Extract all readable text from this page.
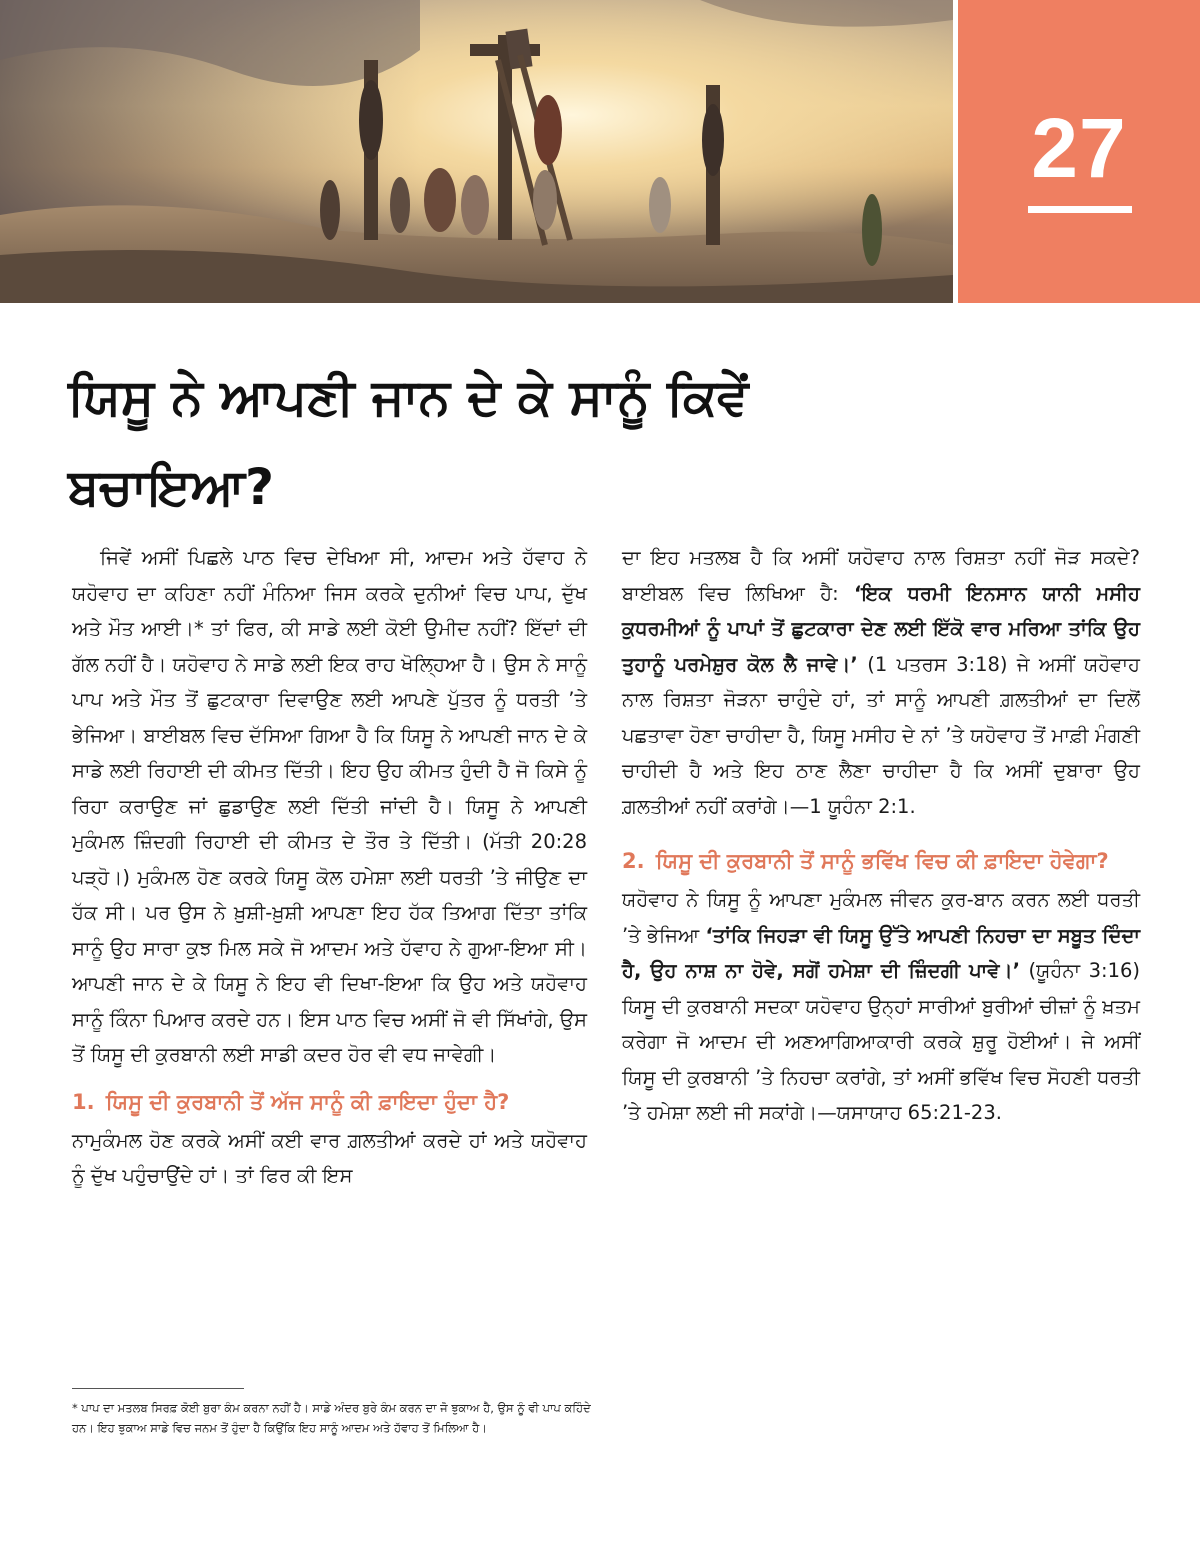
27
ਯਿਸੂ ਨੇ ਆਪਣੀ ਜਾਨ ਦੇ ਕੇ ਸਾਨੂੰ ਕਿਵੇਂ ਬਚਾਇਆ?

ਜਿਵੇਂ ਅਸੀਂ ਪਿਛਲੇ ਪਾਠ ਵਿਚ ਦੇਖਿਆ ਸੀ, ਆਦਮ ਅਤੇ ਹੱਵਾਹ ਨੇ ਯਹੋਵਾਹ ਦਾ ਕਹਿਣਾ ਨਹੀਂ ਮੰਨਿਆ ਜਿਸ ਕਰਕੇ ਦੁਨੀਆਂ ਵਿਚ ਪਾਪ, ਦੁੱਖ ਅਤੇ ਮੌਤ ਆਈ।* ਤਾਂ ਫਿਰ, ਕੀ ਸਾਡੇ ਲਈ ਕੋਈ ਉਮੀਦ ਨਹੀਂ? ਇੱਦਾਂ ਦੀ ਗੱਲ ਨਹੀਂ ਹੈ। ਯਹੋਵਾਹ ਨੇ ਸਾਡੇ ਲਈ ਇਕ ਰਾਹ ਖੋਲ੍ਹਿਆ ਹੈ। ਉਸ ਨੇ ਸਾਨੂੰ ਪਾਪ ਅਤੇ ਮੌਤ ਤੋਂ ਛੁਟਕਾਰਾ ਦਿਵਾਉਣ ਲਈ ਆਪਣੇ ਪੁੱਤਰ ਨੂੰ ਧਰਤੀ ’ਤੇ ਭੇਜਿਆ। ਬਾਈਬਲ ਵਿਚ ਦੱਸਿਆ ਗਿਆ ਹੈ ਕਿ ਯਿਸੂ ਨੇ ਆਪਣੀ ਜਾਨ ਦੇ ਕੇ ਸਾਡੇ ਲਈ ਰਿਹਾਈ ਦੀ ਕੀਮਤ ਦਿੱਤੀ। ਇਹ ਉਹ ਕੀਮਤ ਹੁੰਦੀ ਹੈ ਜੋ ਕਿਸੇ ਨੂੰ ਰਿਹਾ ਕਰਾਉਣ ਜਾਂ ਛੁਡਾਉਣ ਲਈ ਦਿੱਤੀ ਜਾਂਦੀ ਹੈ। ਯਿਸੂ ਨੇ ਆਪਣੀ ਮੁਕੰਮਲ ਜ਼ਿੰਦਗੀ ਰਿਹਾਈ ਦੀ ਕੀਮਤ ਦੇ ਤੌਰ ਤੇ ਦਿੱਤੀ। (ਮੱਤੀ 20:28 ਪੜ੍ਹੋ।) ਮੁਕੰਮਲ ਹੋਣ ਕਰਕੇ ਯਿਸੂ ਕੋਲ ਹਮੇਸ਼ਾ ਲਈ ਧਰਤੀ ’ਤੇ ਜੀਉਣ ਦਾ ਹੱਕ ਸੀ। ਪਰ ਉਸ ਨੇ ਖ਼ੁਸ਼ੀ-ਖ਼ੁਸ਼ੀ ਆਪਣਾ ਇਹ ਹੱਕ ਤਿਆਗ ਦਿੱਤਾ ਤਾਂਕਿ ਸਾਨੂੰ ਉਹ ਸਾਰਾ ਕੁਝ ਮਿਲ ਸਕੇ ਜੋ ਆਦਮ ਅਤੇ ਹੱਵਾਹ ਨੇ ਗੁਆ-ਇਆ ਸੀ। ਆਪਣੀ ਜਾਨ ਦੇ ਕੇ ਯਿਸੂ ਨੇ ਇਹ ਵੀ ਦਿਖਾ-ਇਆ ਕਿ ਉਹ ਅਤੇ ਯਹੋਵਾਹ ਸਾਨੂੰ ਕਿੰਨਾ ਪਿਆਰ ਕਰਦੇ ਹਨ। ਇਸ ਪਾਠ ਵਿਚ ਅਸੀਂ ਜੋ ਵੀ ਸਿੱਖਾਂਗੇ, ਉਸ ਤੋਂ ਯਿਸੂ ਦੀ ਕੁਰਬਾਨੀ ਲਈ ਸਾਡੀ ਕਦਰ ਹੋਰ ਵੀ ਵਧ ਜਾਵੇਗੀ।

1. ਯਿਸੂ ਦੀ ਕੁਰਬਾਨੀ ਤੋਂ ਅੱਜ ਸਾਨੂੰ ਕੀ ਫ਼ਾਇਦਾ ਹੁੰਦਾ ਹੈ?

ਨਾਮੁਕੰਮਲ ਹੋਣ ਕਰਕੇ ਅਸੀਂ ਕਈ ਵਾਰ ਗ਼ਲਤੀਆਂ ਕਰਦੇ ਹਾਂ ਅਤੇ ਯਹੋਵਾਹ ਨੂੰ ਦੁੱਖ ਪਹੁੰਚਾਉਂਦੇ ਹਾਂ। ਤਾਂ ਫਿਰ ਕੀ ਇਸ

ਦਾ ਇਹ ਮਤਲਬ ਹੈ ਕਿ ਅਸੀਂ ਯਹੋਵਾਹ ਨਾਲ ਰਿਸ਼ਤਾ ਨਹੀਂ ਜੋੜ ਸਕਦੇ? ਬਾਈਬਲ ਵਿਚ ਲਿਖਿਆ ਹੈ: ‘ਇਕ ਧਰਮੀ ਇਨਸਾਨ ਯਾਨੀ ਮਸੀਹ ਕੁਧਰਮੀਆਂ ਨੂੰ ਪਾਪਾਂ ਤੋਂ ਛੁਟਕਾਰਾ ਦੇਣ ਲਈ ਇੱਕੋ ਵਾਰ ਮਰਿਆ ਤਾਂਕਿ ਉਹ ਤੁਹਾਨੂੰ ਪਰਮੇਸ਼ੁਰ ਕੋਲ ਲੈ ਜਾਵੇ।’ (1 ਪਤਰਸ 3:18) ਜੇ ਅਸੀਂ ਯਹੋਵਾਹ ਨਾਲ ਰਿਸ਼ਤਾ ਜੋੜਨਾ ਚਾਹੁੰਦੇ ਹਾਂ, ਤਾਂ ਸਾਨੂੰ ਆਪਣੀ ਗ਼ਲਤੀਆਂ ਦਾ ਦਿਲੋਂ ਪਛਤਾਵਾ ਹੋਣਾ ਚਾਹੀਦਾ ਹੈ, ਯਿਸੂ ਮਸੀਹ ਦੇ ਨਾਂ ’ਤੇ ਯਹੋਵਾਹ ਤੋਂ ਮਾਫ਼ੀ ਮੰਗਣੀ ਚਾਹੀਦੀ ਹੈ ਅਤੇ ਇਹ ਠਾਣ ਲੈਣਾ ਚਾਹੀਦਾ ਹੈ ਕਿ ਅਸੀਂ ਦੁਬਾਰਾ ਉਹ ਗ਼ਲਤੀਆਂ ਨਹੀਂ ਕਰਾਂਗੇ।—1 ਯੂਹੰਨਾ 2:1.

2. ਯਿਸੂ ਦੀ ਕੁਰਬਾਨੀ ਤੋਂ ਸਾਨੂੰ ਭਵਿੱਖ ਵਿਚ ਕੀ ਫ਼ਾਇਦਾ ਹੋਵੇਗਾ?

ਯਹੋਵਾਹ ਨੇ ਯਿਸੂ ਨੂੰ ਆਪਣਾ ਮੁਕੰਮਲ ਜੀਵਨ ਕੁਰ-ਬਾਨ ਕਰਨ ਲਈ ਧਰਤੀ ’ਤੇ ਭੇਜਿਆ ‘ਤਾਂਕਿ ਜਿਹੜਾ ਵੀ ਯਿਸੂ ਉੱਤੇ ਆਪਣੀ ਨਿਹਚਾ ਦਾ ਸਬੂਤ ਦਿੰਦਾ ਹੈ, ਉਹ ਨਾਸ਼ ਨਾ ਹੋਵੇ, ਸਗੋਂ ਹਮੇਸ਼ਾ ਦੀ ਜ਼ਿੰਦਗੀ ਪਾਵੇ।’ (ਯੂਹੰਨਾ 3:16) ਯਿਸੂ ਦੀ ਕੁਰਬਾਨੀ ਸਦਕਾ ਯਹੋਵਾਹ ਉਨ੍ਹਾਂ ਸਾਰੀਆਂ ਬੁਰੀਆਂ ਚੀਜ਼ਾਂ ਨੂੰ ਖ਼ਤਮ ਕਰੇਗਾ ਜੋ ਆਦਮ ਦੀ ਅਣਆਗਿਆਕਾਰੀ ਕਰਕੇ ਸ਼ੁਰੂ ਹੋਈਆਂ। ਜੇ ਅਸੀਂ ਯਿਸੂ ਦੀ ਕੁਰਬਾਨੀ ’ਤੇ ਨਿਹਚਾ ਕਰਾਂਗੇ, ਤਾਂ ਅਸੀਂ ਭਵਿੱਖ ਵਿਚ ਸੋਹਣੀ ਧਰਤੀ ’ਤੇ ਹਮੇਸ਼ਾ ਲਈ ਜੀ ਸਕਾਂਗੇ।—ਯਸਾਯਾਹ 65:21-23.

* ਪਾਪ ਦਾ ਮਤਲਬ ਸਿਰਫ਼ ਕੋਈ ਬੁਰਾ ਕੰਮ ਕਰਨਾ ਨਹੀਂ ਹੈ। ਸਾਡੇ ਅੰਦਰ ਬੁਰੇ ਕੰਮ ਕਰਨ ਦਾ ਜੋ ਝੁਕਾਅ ਹੈ, ਉਸ ਨੂੰ ਵੀ ਪਾਪ ਕਹਿੰਦੇ ਹਨ। ਇਹ ਝੁਕਾਅ ਸਾਡੇ ਵਿਚ ਜਨਮ ਤੋਂ ਹੁੰਦਾ ਹੈ ਕਿਉਂਕਿ ਇਹ ਸਾਨੂੰ ਆਦਮ ਅਤੇ ਹੱਵਾਹ ਤੋਂ ਮਿਲਿਆ ਹੈ।
